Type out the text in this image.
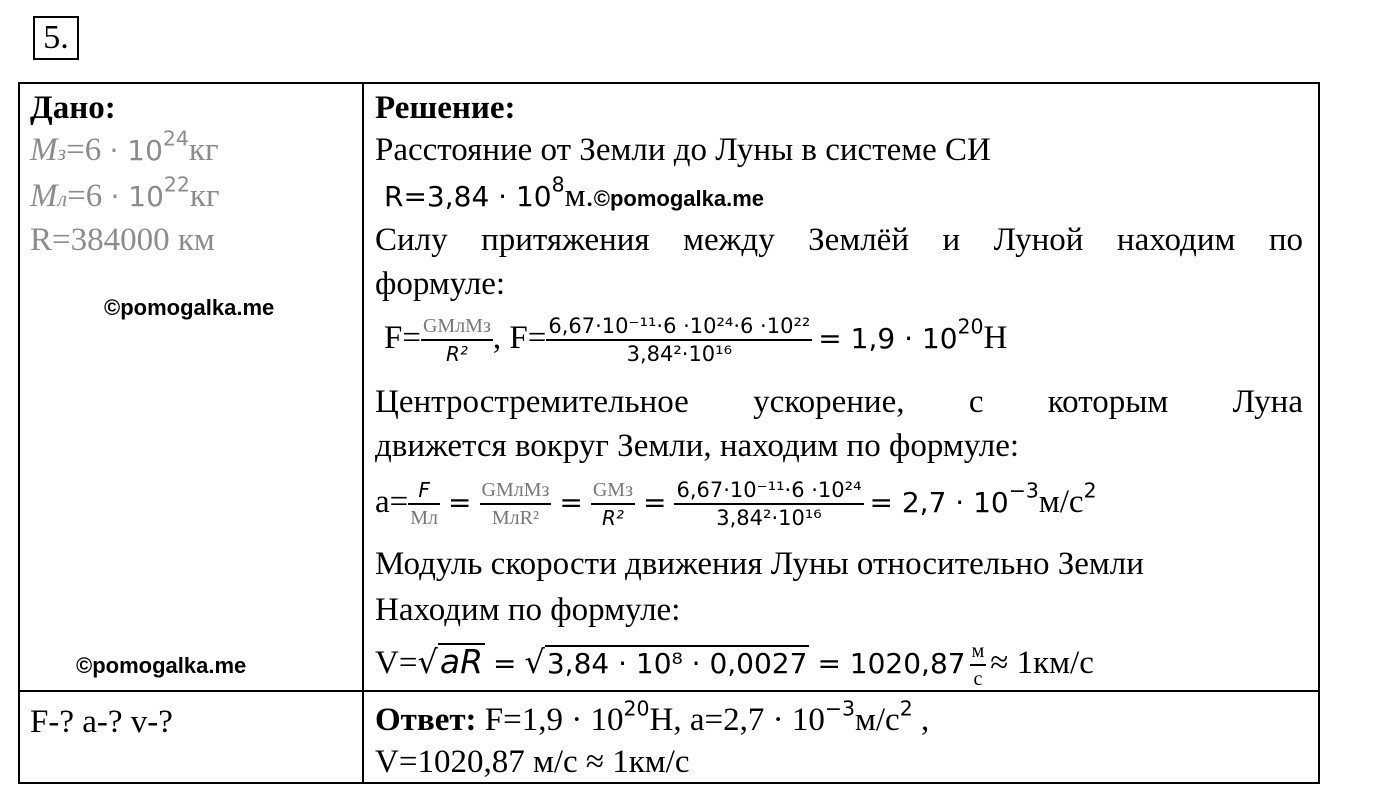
5.
Дано:
$Mз=6 \cdot 10^{24}кг$
$Mл=6 \cdot 10^{22}кг$
R=384000 км
©pomogalka.me
©pomogalka.me
F-? a-? v-?
Решение:
Расстояние от Земли до Луны в системе СИ
$R=3,84 \cdot 10^8м.©pomogalka.me$
Силу притяжения между Землёй и Луной находим по
формуле:
$F= \frac{\text{GMлMз}}{\text{R²}}$ , $F= \frac{\text{6,67·10⁻¹¹·6 ·10²⁴·6 ·10²²}}{\text{3,84²·10¹⁶}} = 1,9 \cdot 10^{20}Н$
Центростремительное ускорение, с которым Луна
движется вокруг Земли, находим по формуле:
$a= \frac{F}{Mл} = \frac{\text{GMлMз}}{\text{MлR²}} = \frac{\text{GMз}}{\text{R²}} = \frac{\text{6,67·10⁻¹¹·6 ·10²⁴}}{\text{3,84²·10¹⁶}} = 2,7 \cdot 10^{-3}м/с^2$
Модуль скорости движения Луны относительно Земли
Находим по формуле:
$V=√aR = √3,84 \cdot 10^8 \cdot 0,0027 = 1020,87 \frac{м}{с} \approx 1км/с$
Ответ: $F=1,9 \cdot 10^{20}Н$, $a=2,7 \cdot 10^{-3}м/с^2$ ,
V=1020,87 м/с ≈ 1км/с
